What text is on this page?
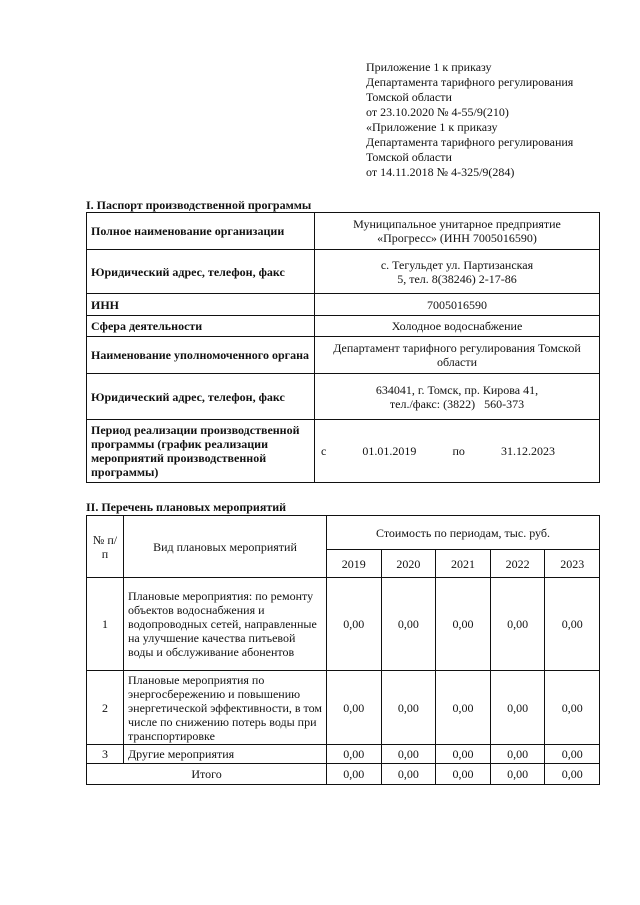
Приложение 1 к приказу
Департамента тарифного регулирования
Томской области
от 23.10.2020 № 4-55/9(210)
«Приложение 1 к приказу
Департамента тарифного регулирования
Томской области
от 14.11.2018 № 4-325/9(284)
I. Паспорт производственной программы
Полное наименование организации	Муниципальное унитарное предприятие «Прогресс» (ИНН 7005016590)
Юридический адрес, телефон, факс	с. Тегульдет ул. Партизанская 5, тел. 8(38246) 2-17-86
ИНН	7005016590
Сфера деятельности	Холодное водоснабжение
Наименование уполномоченного органа	Департамент тарифного регулирования Томской области
Юридический адрес, телефон, факс	634041, г. Томск, пр. Кирова 41, тел./факс: (3822)   560-373
Период реализации производственной программы (график реализации мероприятий производственной программы)	с 01.01.2019 по 31.12.2023
II. Перечень плановых мероприятий
№ п/п	Вид плановых мероприятий	Стоимость по периодам, тыс. руб.				
		2019	2020	2021	2022	2023
1	Плановые мероприятия: по ремонту объектов водоснабжения и водопроводных сетей, направленные на улучшение качества питьевой воды и обслуживание абонентов	0,00	0,00	0,00	0,00	0,00
2	Плановые мероприятия по энергосбережению и повышению энергетической эффективности, в том числе по снижению потерь воды при транспортировке	0,00	0,00	0,00	0,00	0,00
3	Другие мероприятия	0,00	0,00	0,00	0,00	0,00
Итого		0,00	0,00	0,00	0,00	0,00
